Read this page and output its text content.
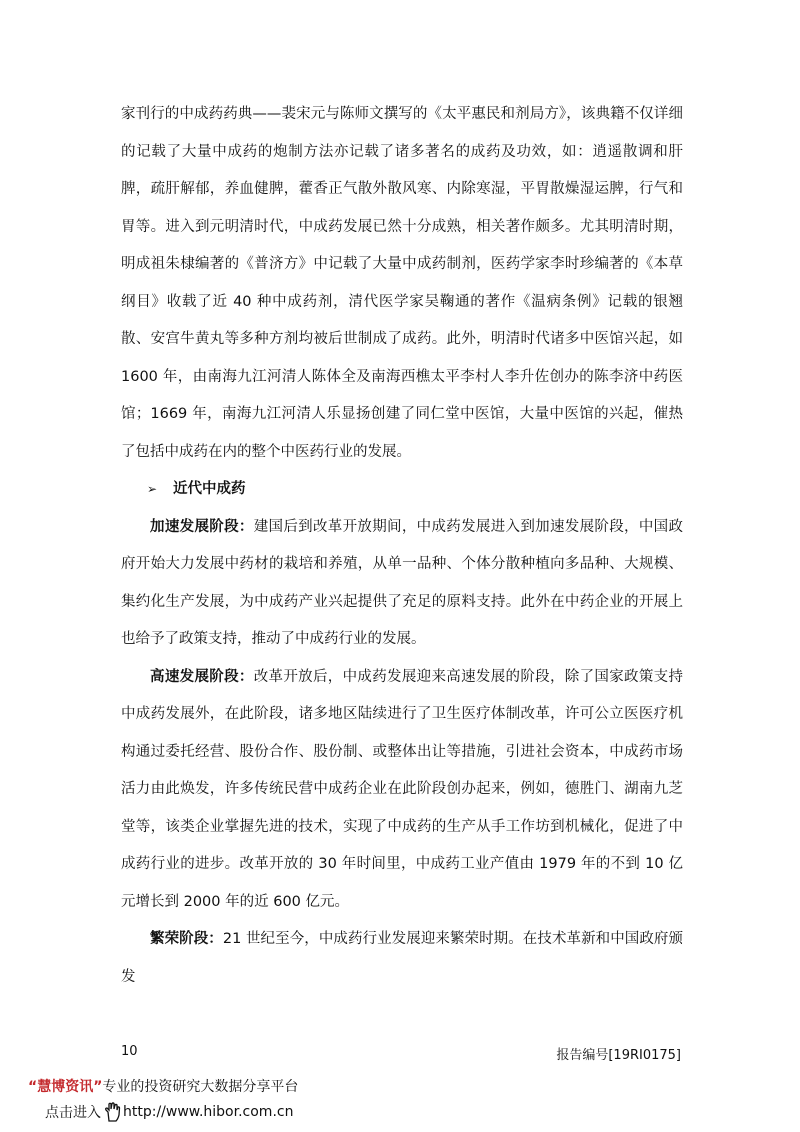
家刊行的中成药药典——裴宋元与陈师文撰写的《太平惠民和剂局方》，该典籍不仅详细的记载了大量中成药的炮制方法亦记载了诸多著名的成药及功效，如：逍遥散调和肝脾，疏肝解郁，养血健脾，藿香正气散外散风寒、内除寒湿，平胃散燥湿运脾，行气和胃等。进入到元明清时代，中成药发展已然十分成熟，相关著作颇多。尤其明清时期，明成祖朱棣编著的《普济方》中记载了大量中成药制剂，医药学家李时珍编著的《本草纲目》收载了近 40 种中成药剂，清代医学家吴鞠通的著作《温病条例》记载的银翘散、安宫牛黄丸等多种方剂均被后世制成了成药。此外，明清时代诸多中医馆兴起，如 1600 年，由南海九江河清人陈体全及南海西樵太平李村人李升佐创办的陈李济中药医馆；1669 年，南海九江河清人乐显扬创建了同仁堂中医馆，大量中医馆的兴起，催热了包括中成药在内的整个中医药行业的发展。

➢	近代中成药

加速发展阶段：建国后到改革开放期间，中成药发展进入到加速发展阶段，中国政府开始大力发展中药材的栽培和养殖，从单一品种、个体分散种植向多品种、大规模、集约化生产发展，为中成药产业兴起提供了充足的原料支持。此外在中药企业的开展上也给予了政策支持，推动了中成药行业的发展。

高速发展阶段：改革开放后，中成药发展迎来高速发展的阶段，除了国家政策支持中成药发展外，在此阶段，诸多地区陆续进行了卫生医疗体制改革，许可公立医医疗机构通过委托经营、股份合作、股份制、或整体出让等措施，引进社会资本，中成药市场活力由此焕发，许多传统民营中成药企业在此阶段创办起来，例如，德胜门、湖南九芝堂等，该类企业掌握先进的技术，实现了中成药的生产从手工作坊到机械化，促进了中成药行业的进步。改革开放的 30 年时间里，中成药工业产值由 1979 年的不到 10 亿元增长到 2000 年的近 600 亿元。

繁荣阶段：21 世纪至今，中成药行业发展迎来繁荣时期。在技术革新和中国政府颁发

10	报告编号[19RI0175]
“慧博资讯”专业的投资研究大数据分享平台
点击进入 http://www.hibor.com.cn
